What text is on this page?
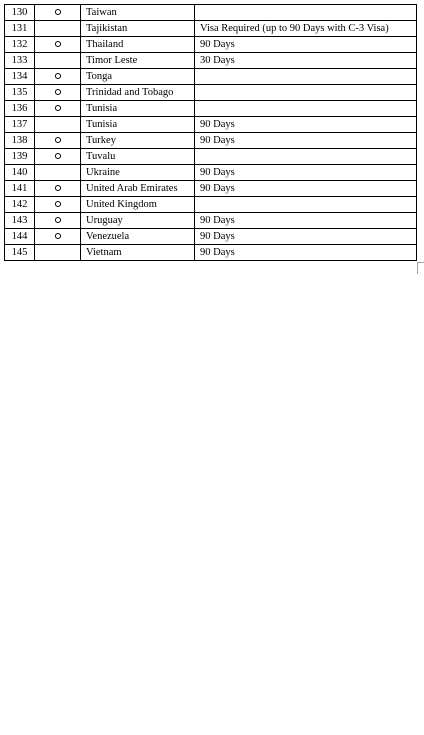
130		Taiwan	
131		Tajikistan	Visa Required (up to 90 Days with C-3 Visa)
132		Thailand	90 Days
133		Timor Leste	30 Days
134		Tonga	
135		Trinidad and Tobago	
136		Tunisia	
137		Tunisia	90 Days
138		Turkey	90 Days
139		Tuvalu	
140		Ukraine	90 Days
141		United Arab Emirates	90 Days
142		United Kingdom	
143		Uruguay	90 Days
144		Venezuela	90 Days
145		Vietnam	90 Days
